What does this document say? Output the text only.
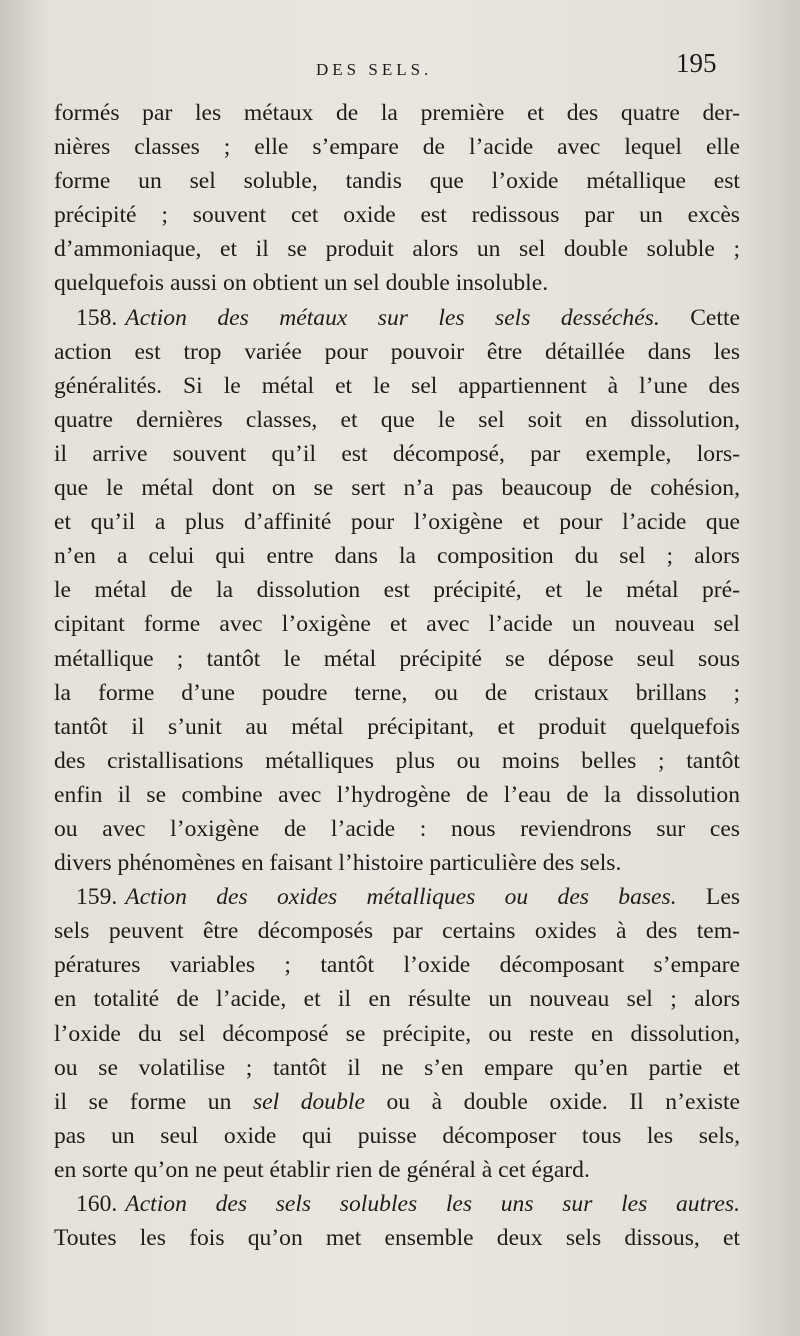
DES SELS.	195
formés par les métaux de la première et des quatre der-
nières classes ; elle s’empare de l’acide avec lequel elle
forme un sel soluble, tandis que l’oxide métallique est
précipité ; souvent cet oxide est redissous par un excès
d’ammoniaque, et il se produit alors un sel double soluble ;
quelquefois aussi on obtient un sel double insoluble.
158. Action des métaux sur les sels desséchés. Cette
action est trop variée pour pouvoir être détaillée dans les
généralités. Si le métal et le sel appartiennent à l’une des
quatre dernières classes, et que le sel soit en dissolution,
il arrive souvent qu’il est décomposé, par exemple, lors-
que le métal dont on se sert n’a pas beaucoup de cohésion,
et qu’il a plus d’affinité pour l’oxigène et pour l’acide que
n’en a celui qui entre dans la composition du sel ; alors
le métal de la dissolution est précipité, et le métal pré-
cipitant forme avec l’oxigène et avec l’acide un nouveau sel
métallique ; tantôt le métal précipité se dépose seul sous
la forme d’une poudre terne, ou de cristaux brillans ;
tantôt il s’unit au métal précipitant, et produit quelquefois
des cristallisations métalliques plus ou moins belles ; tantôt
enfin il se combine avec l’hydrogène de l’eau de la dissolution
ou avec l’oxigène de l’acide : nous reviendrons sur ces
divers phénomènes en faisant l’histoire particulière des sels.
159. Action des oxides métalliques ou des bases. Les
sels peuvent être décomposés par certains oxides à des tem-
pératures variables ; tantôt l’oxide décomposant s’empare
en totalité de l’acide, et il en résulte un nouveau sel ; alors
l’oxide du sel décomposé se précipite, ou reste en dissolution,
ou se volatilise ; tantôt il ne s’en empare qu’en partie et
il se forme un sel double ou à double oxide. Il n’existe
pas un seul oxide qui puisse décomposer tous les sels,
en sorte qu’on ne peut établir rien de général à cet égard.
160. Action des sels solubles les uns sur les autres.
Toutes les fois qu’on met ensemble deux sels dissous, et
